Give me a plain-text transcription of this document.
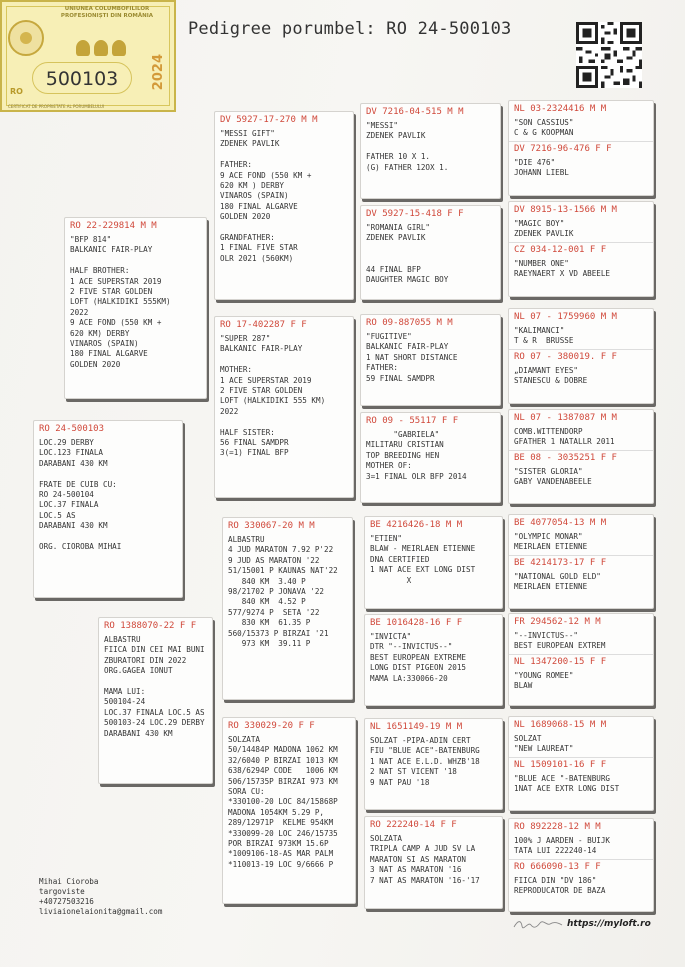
UNIUNEA COLUMBOFILILOR
PROFESIONIȘTI DIN ROMÂNIA
500103
RO
2024
CERTIFICAT DE PROPRIETATE AL PORUMBELULUI
Pedigree porumbel: RO 24-500103
RO 24-500103
LOC.29 DERBY
LOC.123 FINALA
DARABANI 430 KM

FRATE DE CUIB CU:
RO 24-500104
LOC.37 FINALA
LOC.5 AS
DARABANI 430 KM

ORG. CIOROBA MIHAI
RO 22-229814 M M
"BFP 814"
BALKANIC FAIR-PLAY

HALF BROTHER:
1 ACE SUPERSTAR 2019
2 FIVE STAR GOLDEN
LOFT (HALKIDIKI 555KM)
2022
9 ACE FOND (550 KM +
620 KM) DERBY
VINAROS (SPAIN)
180 FINAL ALGARVE
GOLDEN 2020
RO 1388070-22 F F
ALBASTRU
FIICA DIN CEI MAI BUNI
ZBURATORI DIN 2022
ORG.GAGEA IONUT

MAMA LUI:
500104-24
LOC.37 FINALA LOC.5 AS
500103-24 LOC.29 DERBY
DARABANI 430 KM
DV 5927-17-270 M M
"MESSI GIFT"
ZDENEK PAVLIK

FATHER:
9 ACE FOND (550 KM +
620 KM ) DERBY
VINAROS (SPAIN)
180 FINAL ALGARVE
GOLDEN 2020

GRANDFATHER:
1 FINAL FIVE STAR
OLR 2021 (560KM)
RO 17-402287 F F
"SUPER 287"
BALKANIC FAIR-PLAY

MOTHER:
1 ACE SUPERSTAR 2019
2 FIVE STAR GOLDEN
LOFT (HALKIDIKI 555 KM)
2022

HALF SISTER:
56 FINAL SAMDPR
3(=1) FINAL BFP
RO 330067-20 M M
ALBASTRU
4 JUD MARATON 7.92 P'22
9 JUD AS MARATON '22
51/15001 P KAUNAS NAT'22
840 KM  3.40 P
98/21702 P JONAVA '22
840 KM  4.52 P
577/9274 P  SETA '22
830 KM  61.35 P
560/15373 P BIRZAI '21
973 KM  39.11 P
RO 330029-20 F F
SOLZATA
50/14484P MADONA 1062 KM
32/6040 P BIRZAI 1013 KM
638/6294P CODE   1006 KM
506/15735P BIRZAI 973 KM
SORA CU:
*330100-20 LOC 84/15868P
MADONA 1054KM 5.29 P,
289/12971P  KELME 954KM
*330099-20 LOC 246/15735
POR BIRZAI 973KM 15.6P
*1009106-18-AS MAR PALM
*110013-19 LOC 9/6666 P
DV 7216-04-515 M M
"MESSI"
ZDENEK PAVLIK

FATHER 10 X 1.
(G) FATHER 12OX 1.
DV 5927-15-418 F F
"ROMANIA GIRL"
ZDENEK PAVLIK

44 FINAL BFP
DAUGHTER MAGIC BOY
RO 09-887055 M M
"FUGITIVE"
BALKANIC FAIR-PLAY
1 NAT SHORT DISTANCE
FATHER:
59 FINAL SAMDPR
RO 09 - 55117 F F
"GABRIELA"
MILITARU CRISTIAN
TOP BREEDING HEN
MOTHER OF:
3=1 FINAL OLR BFP 2014
BE 4216426-18 M M
"ETIEN"
BLAW - MEIRLAEN ETIENNE
DNA CERTIFIED
1 NAT ACE EXT LONG DIST
X
BE 1016428-16 F F
"INVICTA"
DTR "--INVICTUS--"
BEST EUROPEAN EXTREME
LONG DIST PIGEON 2015
MAMA LA:330066-20
NL 1651149-19 M M
SOLZAT -PIPA-ADIN CERT
FIU "BLUE ACE"-BATENBURG
1 NAT ACE E.L.D. WHZB'18
2 NAT ST VICENT '18
9 NAT PAU '18
RO 222240-14 F F
SOLZATA
TRIPLA CAMP A JUD SV LA
MARATON SI AS MARATON
3 NAT AS MARATON '16
7 NAT AS MARATON '16-'17
NL 03-2324416 M M
"SON CASSIUS"
C & G KOOPMAN
DV 7216-96-476 F F
"DIE 476"
JOHANN LIEBL
DV 8915-13-1566 M M
"MAGIC BOY"
ZDENEK PAVLIK
CZ 034-12-001 F F
"NUMBER ONE"
RAEYNAERT X VD ABEELE
NL 07 - 1759960 M M
"KALIMANCI"
T & R  BRUSSE
RO 07 - 380019. F F
„DIAMANT EYES"
STANESCU & DOBRE
NL 07 - 1387087 M M
COMB.WITTENDORP
GFATHER 1 NATALLR 2011
BE 08 - 3035251 F F
"SISTER GLORIA"
GABY VANDENABEELE
BE 4077054-13 M M
"OLYMPIC MONAR"
MEIRLAEN ETIENNE
BE 4214173-17 F F
"NATIONAL GOLD ELD"
MEIRLAEN ETIENNE
FR 294562-12 M M
"--INVICTUS--"
BEST EUROPEAN EXTREM
NL 1347200-15 F F
"YOUNG ROMEE"
BLAW
NL 1689068-15 M M
SOLZAT
"NEW LAUREAT"
NL 1509101-16 F F
"BLUE ACE "-BATENBURG
1NAT ACE EXTR LONG DIST
RO 892228-12 M M
100% J AARDEN - BUIJK
TATA LUI 222240-14
RO 666090-13 F F
FIICA DIN "DV 186"
REPRODUCATOR DE BAZA
Mihai Cioroba
targoviste
+40727503216
liviaionelaionita@gmail.com
https://myloft.ro
